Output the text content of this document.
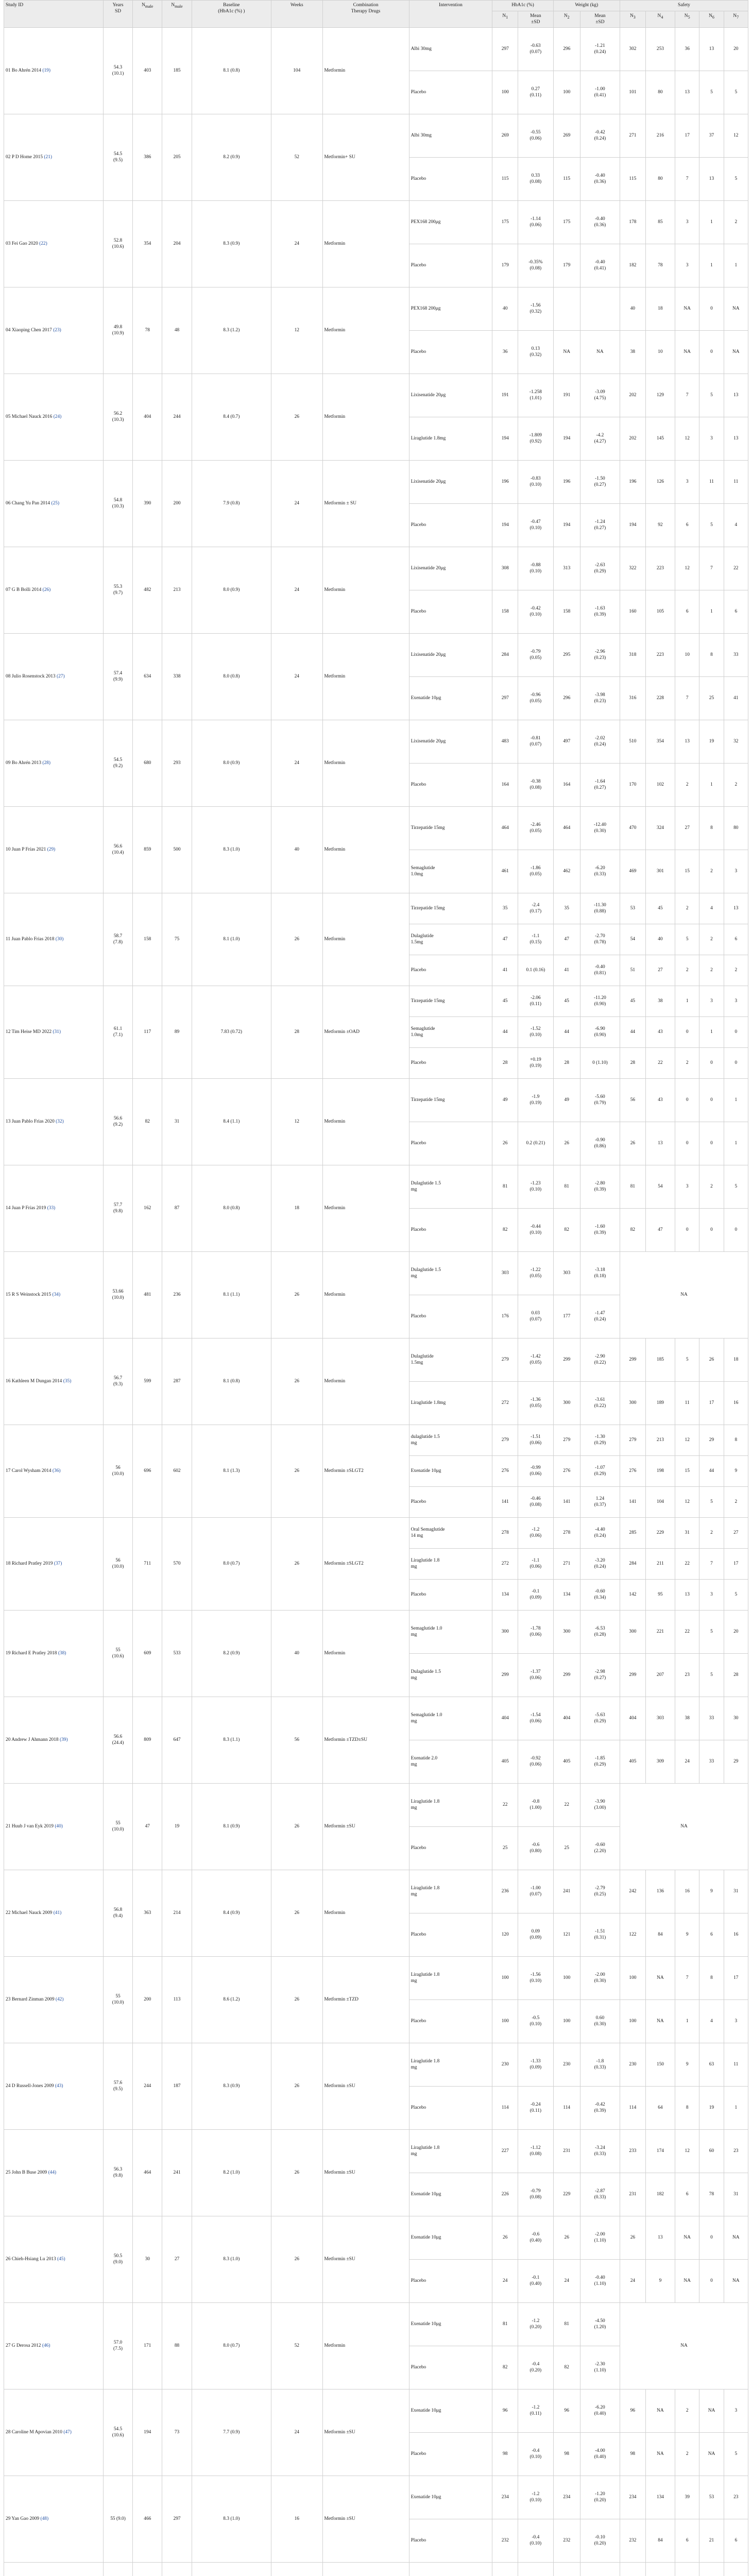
Study ID	Years
SD	$N_{male}$	$N_{male}$	Baseline
(HbA1c (%) )	Weeks	Combination
Therapy Drugs	Intervention	HbA1c (%)		Weight (kg)		Safety				
								$N_1$	Mean
±SD	$N_2$	Mean
±SD	$N_3$	$N_4$	$N_5$	$N_6$	$N_7$
01 Bo Ahrén 2014 (19)	54.3
(10.1)	403	185	8.1 (0.8)	104	Metformin	Albi 30mg	297	-0.63
(0.07)	296	-1.21
(0.24)	302	253	36	13	20
							Placebo	100	0.27
(0.11)	100	-1.00
(0.41)	101	80	13	5	5
02 P D Home 2015 (21)	54.5
(9.5)	386	205	8.2 (0.9)	52	Metformin+ SU	Albi 30mg	269	-0.55
(0.06)	269	-0.42
(0.24)	271	216	17	37	12
							Placebo	115	0.33
(0.08)	115	-0.40
(0.36)	115	80	7	13	5
03 Fei Gao 2020 (22)	52.8
(10.6)	354	204	8.3 (0.9)	24	Metformin	PEX168 200μg	175	-1.14
(0.06)	175	-0.40
(0.36)	178	85	3	1	2
							Placebo	179	-0.35%
(0.08)	179	-0.40
(0.41)	182	78	3	1	1
04 Xiaoping Chen 2017 (23)	49.8
(10.9)	78	48	8.3 (1.2)	12	Metformin	PEX168 200μg	40	-1.56
(0.32)			40	18	NA	0	NA
							Placebo	36	0.13
(0.32)	NA	NA	38	10	NA	0	NA
05 Michael Nauck 2016 (24)	56.2
(10.3)	404	244	8.4 (0.7)	26	Metformin	Lixisenatide 20μg	191	-1.258
(1.01)	191	-3.09
(4.75)	202	129	7	5	13
							Liraglutide 1.8mg	194	-1.809
(0.92)	194	-4.2
(4.27)	202	145	12	3	13
06 Chang Yu Pan 2014 (25)	54.8
(10.3)	390	200	7.9 (0.8)	24	Metformin ± SU	Lixisenatide 20μg	196	-0.83
(0.10)	196	-1.50
(0.27)	196	126	3	11	11
							Placebo	194	-0.47
(0.10)	194	-1.24
(0.27)	194	92	6	5	4
07 G B Bolli 2014 (26)	55.3
(9.7)	482	213	8.0 (0.9)	24	Metformin	Lixisenatide 20μg	308	-0.88
(0.10)	313	-2.63
(0.29)	322	223	12	7	22
							Placebo	158	-0.42
(0.10)	158	-1.63
(0.39)	160	105	6	1	6
08 Julio Rosenstock 2013 (27)	57.4
(9.9)	634	338	8.0 (0.8)	24	Metformin	Lixisenatide 20μg	284	-0.79
(0.05)	295	-2.96
(0.23)	318	223	10	8	33
							Exenatide 10μg	297	-0.96
(0.05)	296	-3.98
(0.23)	316	228	7	25	41
09 Bo Ahrén 2013 (28)	54.5
(9.2)	680	293	8.0 (0.9)	24	Metformin	Lixisenatide 20μg	483	-0.81
(0.07)	497	-2.02
(0.24)	510	354	13	19	32
							Placebo	164	-0.38
(0.08)	164	-1.64
(0.27)	170	102	2	1	2
10 Juan P Frías 2021 (29)	56.6
(10.4)	859	500	8.3 (1.0)	40	Metformin	Tirzepatide 15mg	464	-2.46
(0.05)	464	-12.40
(0.30)	470	324	27	8	80
							Semaglutide
1.0mg	461	-1.86
(0.05)	462	-6.20
(0.33)	469	301	15	2	3
11 Juan Pablo Frias 2018 (30)	58.7
(7.8)	158	75	8.1 (1.0)	26	Metformin	Tirzepatide 15mg	35	-2.4
(0.17)	35	-11.30
(0.88)	53	45	2	4	13
							Dulaglutide
1.5mg	47	-1.1
(0.15)	47	-2.70
(0.78)	54	40	5	2	6
							Placebo	41	0.1 (0.16)	41	-0.40
(0.81)	51	27	2	2	2
12 Tim Heise MD 2022 (31)	61.1
(7.1)	117	89	7.83 (0.72)	28	Metformin ±OAD	Tirzepatide 15mg	45	-2.06
(0.11)	45	-11.20
(0.90)	45	38	1	3	3
							Semaglutide
1.0mg	44	-1.52
(0.10)	44	-6.90
(0.90)	44	43	0	1	0
							Placebo	28	+0.19
(0.19)	28	0 (1.10)	28	22	2	0	0
13 Juan Pablo Frias 2020 (32)	56.6
(9.2)	82	31	8.4 (1.1)	12	Metformin	Tirzepatide 15mg	49	-1.9
(0.19)	49	-5.60
(0.79)	56	43	0	0	1
							Placebo	26	0.2 (0.21)	26	-0.90
(0.86)	26	13	0	0	1
14 Juan P Frías 2019 (33)	57.7
(9.8)	162	87	8.0 (0.8)	18	Metformin	Dulaglutide 1.5
mg	81	-1.23
(0.10)	81	-2.80
(0.39)	81	54	3	2	5
							Placebo	82	-0.44
(0.10)	82	-1.60
(0.39)	82	47	0	0	0
15 R S Weinstock 2015 (34)	53.66
(10.0)	481	236	8.1 (1.1)	26	Metformin	Dulaglutide 1.5
mg	303	-1.22
(0.05)	303	-3.18
(0.18)	NA				
							Placebo	176	0.03
(0.07)	177	-1.47
(0.24)					
16 Kathleen M Dungan 2014 (35)	56.7
(9.3)	599	287	8.1 (0.8)	26	Metformin	Dulaglutide
1.5mg	279	-1.42
(0.05)	299	-2.90
(0.22)	299	185	5	26	18
							Liraglutide 1.8mg	272	-1.36
(0.05)	300	-3.61
(0.22)	300	189	11	17	16
17 Carol Wysham 2014 (36)	56
(10.0)	696	602	8.1 (1.3)	26	Metformin ±SLGT2	dulaglutide 1.5
mg	279	-1.51
(0.06)	279	-1.30
(0.29)	279	213	12	29	8
							Exenatide 10μg	276	-0.99
(0.06)	276	-1.07
(0.29)	276	198	15	44	9
							Placebo	141	-0.46
(0.08)	141	1.24
(0.37)	141	104	12	5	2
18 Richard Pratley 2019 (37)	56
(10.0)	711	570	8.0 (0.7)	26	Metformin ±SLGT2	Oral Semaglutide
14 mg	278	-1.2
(0.06)	278	-4.40
(0.24)	285	229	31	2	27
							Liraglutide 1.8
mg	272	-1.1
(0.06)	271	-3.20
(0.24)	284	211	22	7	17
							Placebo	134	-0.1
(0.09)	134	-0.60
(0.34)	142	95	13	3	5
19 Richard E Pratley 2018 (38)	55
(10.6)	609	533	8.2 (0.9)	40	Metformin	Semaglutide 1.0
mg	300	-1.78
(0.06)	300	-6.53
(0.28)	300	221	22	5	20
							Dulaglutide 1.5
mg	299	-1.37
(0.06)	299	-2.98
(0.27)	299	207	23	5	28
20 Andrew J Ahmann 2018 (39)	56.6
(24.4)	809	647	8.3 (1.1)	56	Metformin ±TZD±SU	Semaglutide 1.0
mg	404	-1.54
(0.06)	404	-5.63
(0.29)	404	303	38	33	30
							Exenatide 2.0
mg	405	-0.92
(0.06)	405	-1.85
(0.29)	405	309	24	33	29
21 Huub J van Eyk 2019 (40)	55
(10.0)	47	19	8.1 (0.9)	26	Metformin ±SU	Liraglutide 1.8
mg	22	-0.8
(1.00)	22	-3.90
(3.00)	NA				
							Placebo	25	-0.6
(0.80)	25	-0.60
(2.20)					
22 Michael Nauck 2009 (41)	56.8
(9.4)	363	214	8.4 (0.9)	26	Metformin	Liraglutide 1.8
mg	236	-1.00
(0.07)	241	-2.79
(0.25)	242	136	16	9	31
							Placebo	120	0.09
(0.09)	121	-1.51
(0.31)	122	84	9	6	16
23 Bernard Zinman 2009 (42)	55
(10.0)	200	113	8.6 (1.2)	26	Metformin ±TZD	Liraglutide 1.8
mg	100	-1.56
(0.10)	100	-2.00
(0.30)	100	NA	7	8	17
							Placebo	100	-0.5
(0.10)	100	0.60
(0.30)	100	NA	1	4	3
24 D Russell-Jones 2009 (43)	57.6
(9.5)	244	187	8.3 (0.9)	26	Metformin ±SU	Liraglutide 1.8
mg	230	-1.33
(0.09)	230	-1.8
(0.33)	230	150	9	63	11
							Placebo	114	-0.24
(0.11)	114	-0.42
(0.39)	114	64	8	19	1
25 John B Buse 2009 (44)	56.3
(9.8)	464	241	8.2 (1.0)	26	Metformin ±SU	Liraglutide 1.8
mg	227	-1.12
(0.08)	231	-3.24
(0.33)	233	174	12	60	23
							Exenatide 10μg	226	-0.79
(0.08)	229	-2.87
(0.33)	231	182	6	78	31
26 Chieh-Hsiang Lu 2013 (45)	50.5
(9.0)	30	27	8.3 (1.0)	26	Metformin ±SU	Exenatide 10μg	26	-0.6
(0.40)	26	-2.00
(1.10)	26	13	NA	0	NA
							Placebo	24	-0.1
(0.40)	24	-0.40
(1.10)	24	9	NA	0	NA
27 G Derosa 2012 (46)	57.0
(7.5)	171	88	8.0 (0.7)	52	Metformin	Exenatide 10μg	81	-1.2
(0.20)	81	-4.50
(1.20)	NA				
							Placebo	82	-0.4
(0.20)	82	-2.30
(1.10)					
28 Caroline M Apovian 2010 (47)	54.5
(10.6)	194	73	7.7 (0.9)	24	Metformin ±SU	Exenatide 10μg	96	-1.2
(0.11)	96	-6.20
(0.40)	96	NA	2	NA	3
							Placebo	98	-0.4
(0.10)	98	-4.00
(0.40)	98	NA	2	NA	5
29 Yan Gao 2009 (48)	55 (9.0)	466	297	8.3 (1.0)	16	Metformin ±SU	Exenatide 10μg	234	-1.2
(0.10)	234	-1.20
(0.20)	234	134	39	53	23
							Placebo	232	-0.4
(0.10)	232	-0.10
(0.20)	232	84	6	21	6
